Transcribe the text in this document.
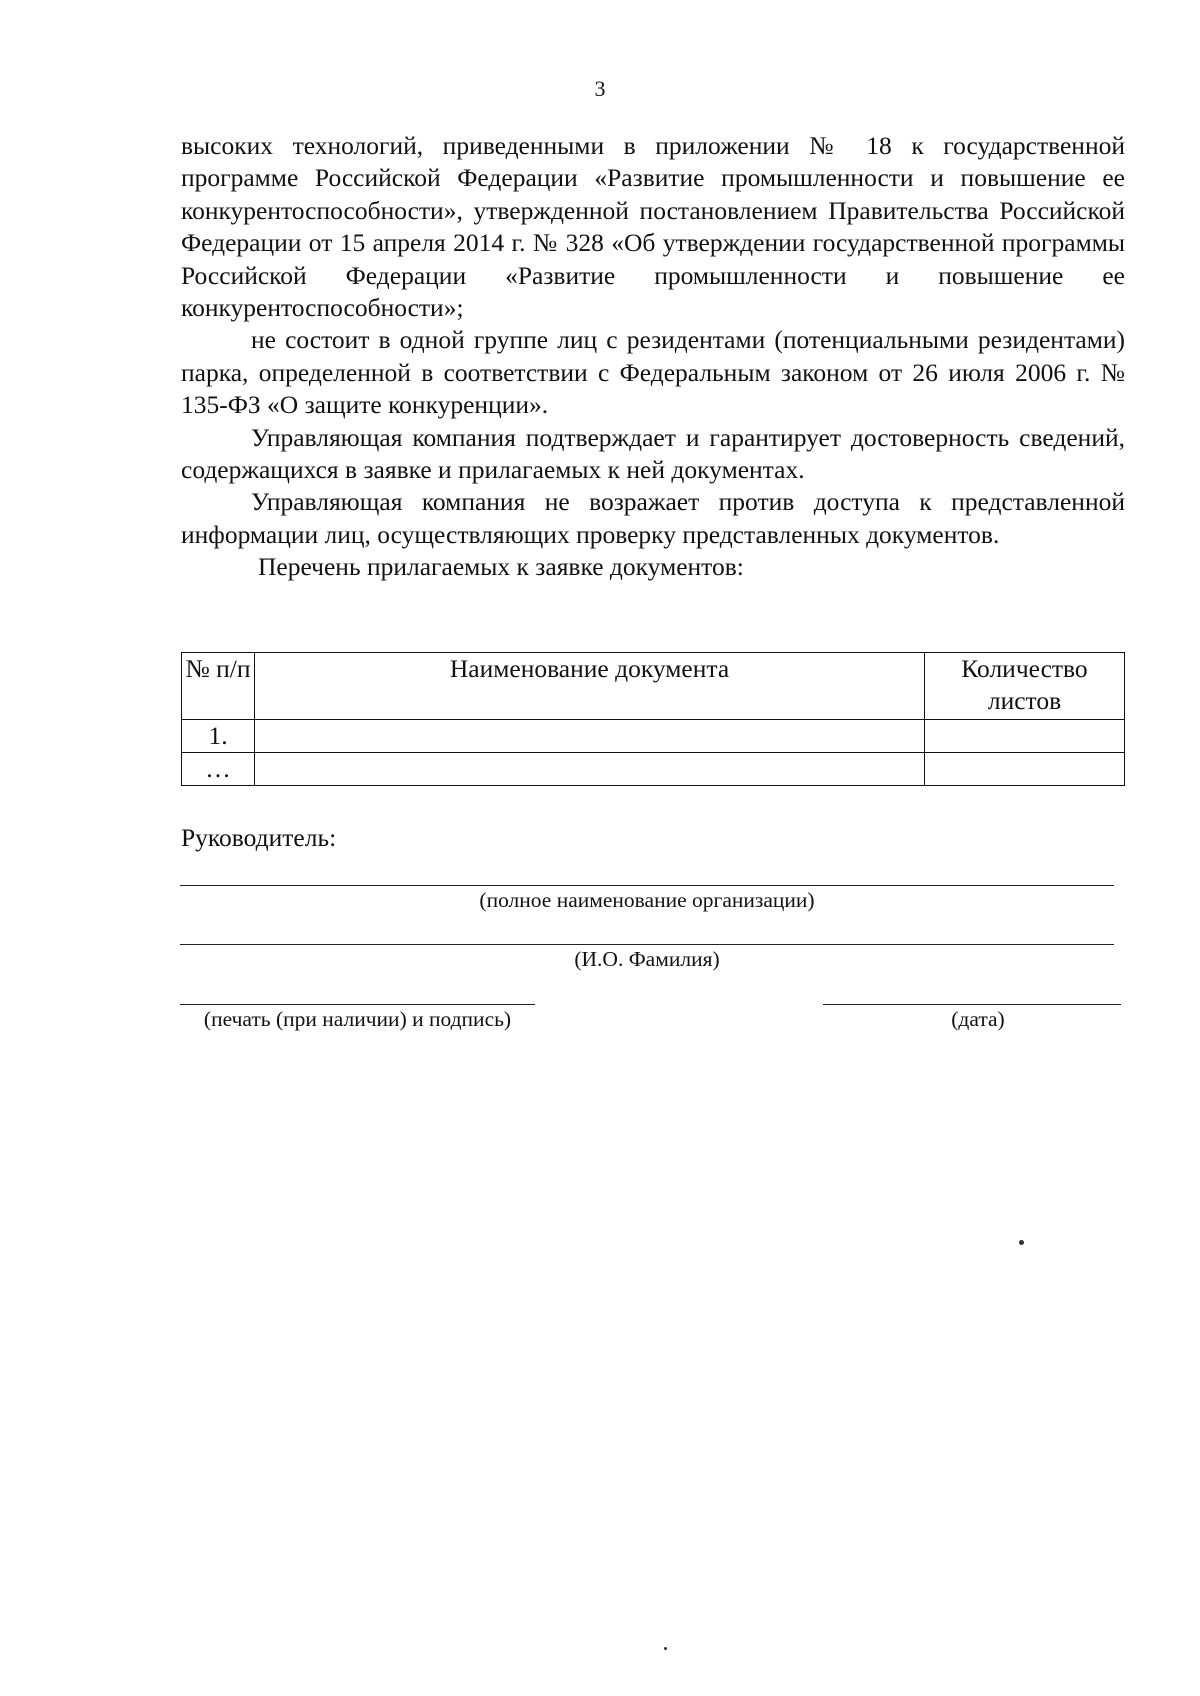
3

высоких технологий, приведенными в приложении № 18 к государственной программе Российской Федерации «Развитие промышленности и повышение ее конкурентоспособности», утвержденной постановлением Правительства Российской Федерации от 15 апреля 2014 г. № 328 «Об утверждении государственной программы Российской Федерации «Развитие промышленности и повышение ее конкурентоспособности»;

не состоит в одной группе лиц с резидентами (потенциальными резидентами) парка, определенной в соответствии с Федеральным законом от 26 июля 2006 г. № 135-ФЗ «О защите конкуренции».

Управляющая компания подтверждает и гарантирует достоверность сведений, содержащихся в заявке и прилагаемых к ней документах.

Управляющая компания не возражает против доступа к представленной информации лиц, осуществляющих проверку представленных документов.

Перечень прилагаемых к заявке документов:

№ п/п	Наименование документа	Количество листов
1.		
…		
Руководитель:
(полное наименование организации)
(И.О. Фамилия)
(печать (при наличии) и подпись)	(дата)
